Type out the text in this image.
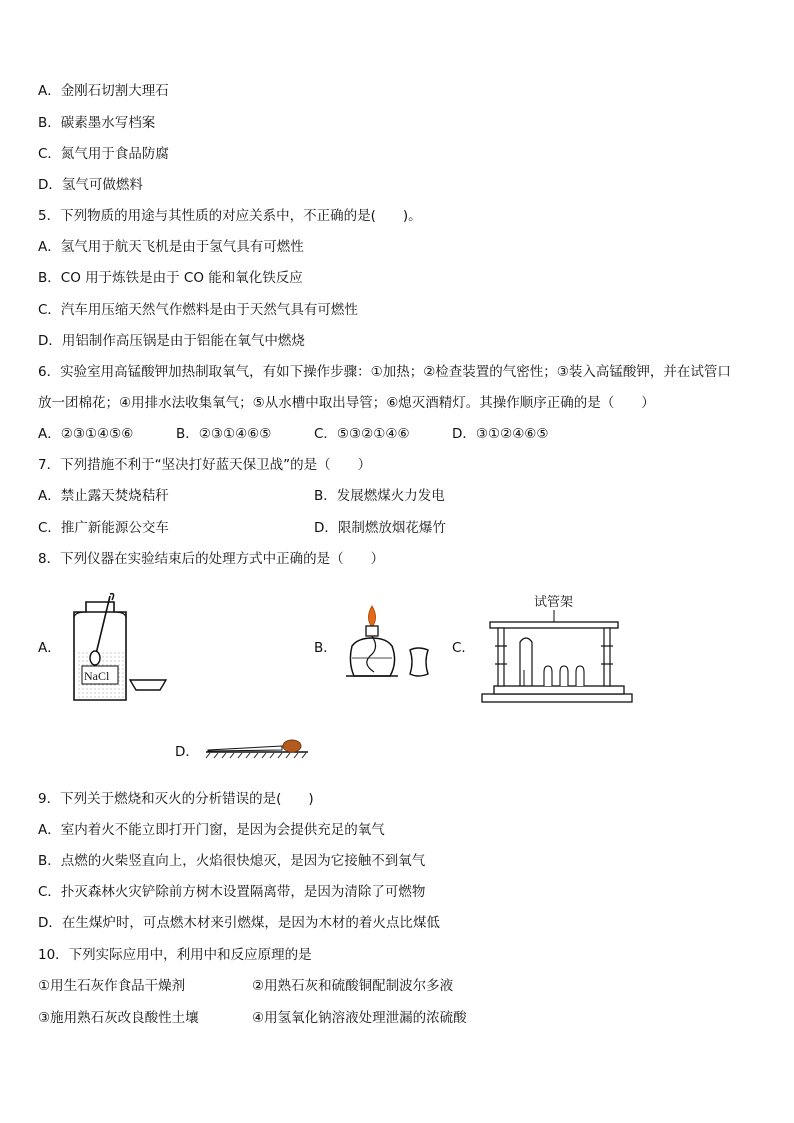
A．金刚石切割大理石
B．碳素墨水写档案
C．氮气用于食品防腐
D．氢气可做燃料
5．下列物质的用途与其性质的对应关系中，不正确的是(　　)。
A．氢气用于航天飞机是由于氢气具有可燃性
B．CO 用于炼铁是由于 CO 能和氧化铁反应
C．汽车用压缩天然气作燃料是由于天然气具有可燃性
D．用铝制作高压锅是由于铝能在氧气中燃烧
6．实验室用高锰酸钾加热制取氧气，有如下操作步骤：①加热；②检查装置的气密性；③装入高锰酸钾，并在试管口
放一团棉花；④用排水法收集氧气；⑤从水槽中取出导管；⑥熄灭酒精灯。其操作顺序正确的是（　　）
A．②③①④⑤⑥	B．②③①④⑥⑤	C．⑤③②①④⑥	D．③①②④⑥⑤
7．下列措施不利于“坚决打好蓝天保卫战”的是（　　）
A．禁止露天焚烧秸秆	B．发展燃煤火力发电
C．推广新能源公交车	D．限制燃放烟花爆竹
8．下列仪器在实验结束后的处理方式中正确的是（　　）
A．	B．	C．
D．
NaCl
试管架
9．下列关于燃烧和灭火的分析错误的是(　　)
A．室内着火不能立即打开门窗，是因为会提供充足的氧气
B．点燃的火柴竖直向上，火焰很快熄灭，是因为它接触不到氧气
C．扑灭森林火灾铲除前方树木设置隔离带，是因为清除了可燃物
D．在生煤炉时，可点燃木材来引燃煤，是因为木材的着火点比煤低
10．下列实际应用中，利用中和反应原理的是
①用生石灰作食品干燥剂	②用熟石灰和硫酸铜配制波尔多液
③施用熟石灰改良酸性土壤	④用氢氧化钠溶液处理泄漏的浓硫酸
